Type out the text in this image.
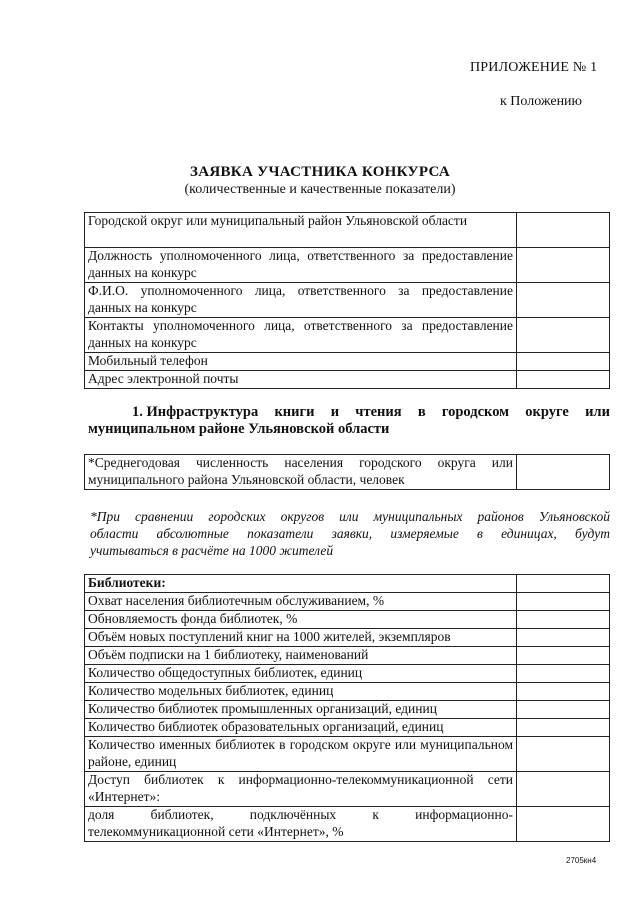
ПРИЛОЖЕНИЕ № 1
к Положению
ЗАЯВКА УЧАСТНИКА КОНКУРСА
(количественные и качественные показатели)
Городской округ или муниципальный район Ульяновской области	
Должность уполномоченного лица, ответственного за предоставление данных на конкурс	
Ф.И.О. уполномоченного лица, ответственного за предоставление данных на конкурс	
Контакты уполномоченного лица, ответственного за предоставление данных на конкурс	
Мобильный телефон	
Адрес электронной почты	
1. Инфраструктура книги и чтения в городском округе или
муниципальном районе Ульяновской области
*Среднегодовая численность населения городского округа или муниципального района Ульяновской области, человек	
*При сравнении городских округов или муниципальных районов Ульяновской
области абсолютные показатели заявки, измеряемые в единицах, будут
учитываться в расчёте на 1000 жителей
Библиотеки:	
Охват населения библиотечным обслуживанием, %	
Обновляемость фонда библиотек, %	
Объём новых поступлений книг на 1000 жителей, экземпляров	
Объём подписки на 1 библиотеку, наименований	
Количество общедоступных библиотек, единиц	
Количество модельных библиотек, единиц	
Количество библиотек промышленных организаций, единиц	
Количество библиотек образовательных организаций, единиц	
Количество именных библиотек в городском округе или муниципальном районе, единиц	
Доступ библиотек к информационно-телекоммуникационной сети «Интернет»:	
доля библиотек, подключённых к информационно-телекоммуникационной сети «Интернет», %	
2705кн4
